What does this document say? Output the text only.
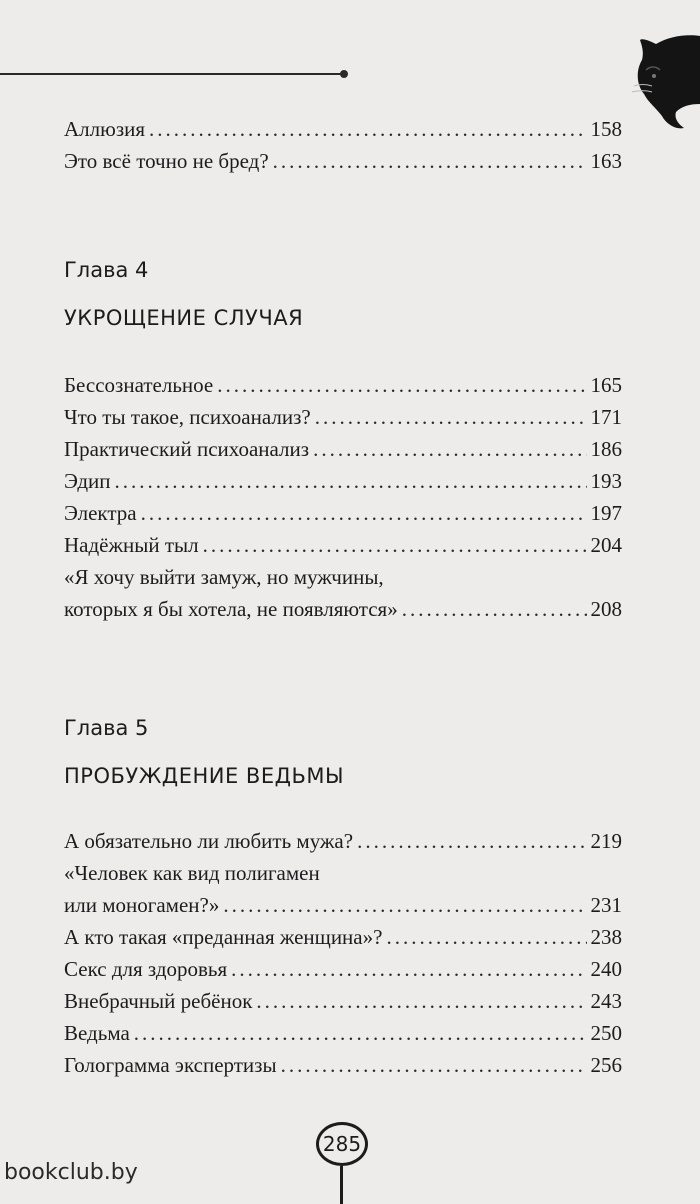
Аллюзия .....	158
Это всё точно не бред? .....	163
Глава 4
УКРОЩЕНИЕ СЛУЧАЯ
Бессознательное .....	165
Что ты такое, психоанализ? .....	171
Практический психоанализ .....	186
Эдип .....	193
Электра .....	197
Надёжный тыл .....	204
«Я хочу выйти замуж, но мужчины,
которых я бы хотела, не появляются» .....	208
Глава 5
ПРОБУЖДЕНИЕ ВЕДЬМЫ
А обязательно ли любить мужа? .....	219
«Человек как вид полигамен
или моногамен?» .....	231
А кто такая «преданная женщина»? .....	238
Секс для здоровья .....	240
Внебрачный ребёнок .....	243
Ведьма .....	250
Голограмма экспертизы .....	256
285
bookclub.by
